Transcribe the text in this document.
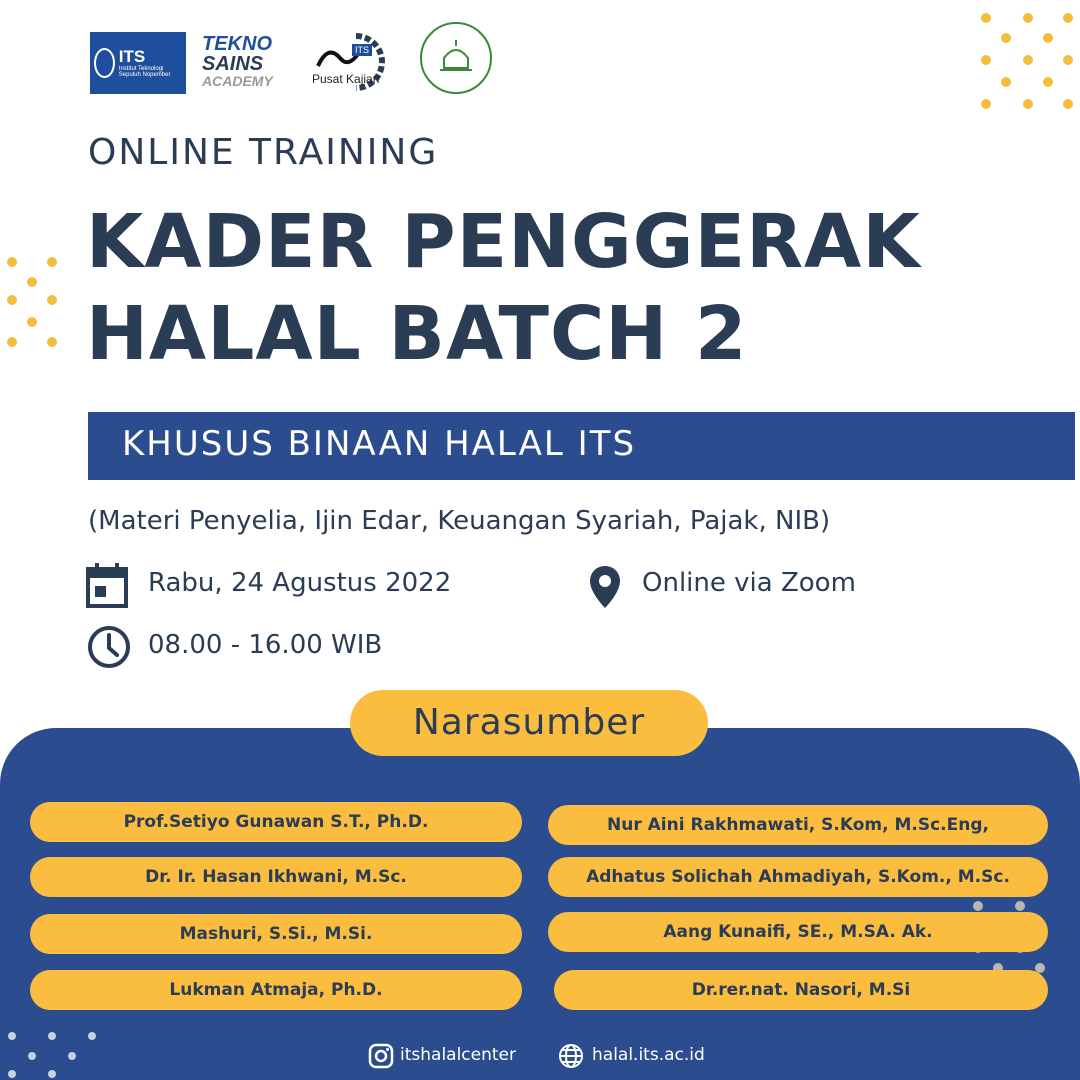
ITS
Institut Teknologi Sepuluh Nopember
TEKNO
SAINS
ACADEMY
ITS
Pusat Kajian
ONLINE TRAINING
KADER PENGGERAK
HALAL BATCH 2
KHUSUS BINAAN HALAL ITS
(Materi Penyelia, Ijin Edar, Keuangan Syariah, Pajak, NIB)
Rabu, 24 Agustus 2022
08.00 - 16.00 WIB
Online via Zoom
Narasumber
Prof.Setiyo Gunawan S.T., Ph.D.
Dr. Ir. Hasan Ikhwani, M.Sc.
Mashuri, S.Si., M.Si.
Lukman Atmaja, Ph.D.
Nur Aini Rakhmawati, S.Kom, M.Sc.Eng,
Adhatus Solichah Ahmadiyah, S.Kom., M.Sc.
Aang Kunaifi, SE., M.SA. Ak.
Dr.rer.nat. Nasori, M.Si
itshalalcenter	halal.its.ac.id
